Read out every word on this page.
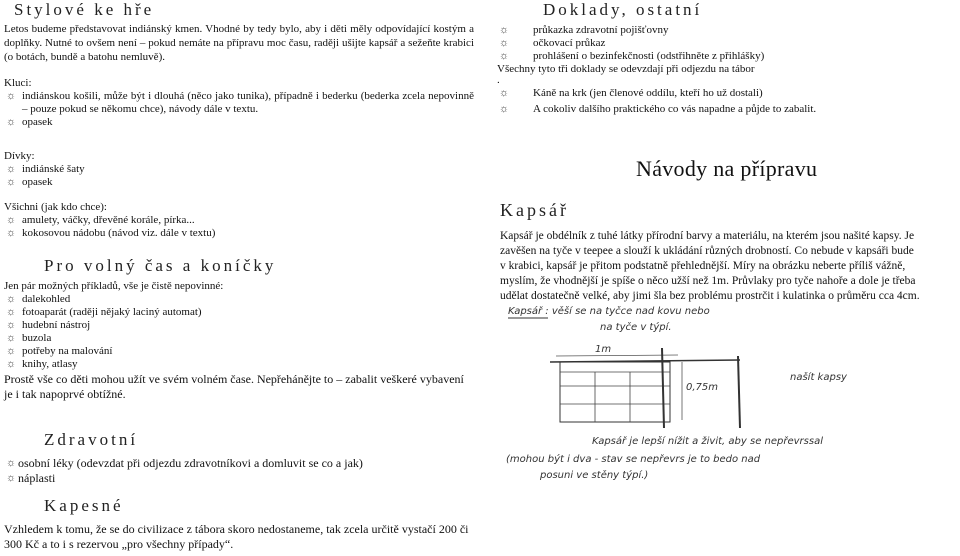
Stylové ke hře
Letos budeme představovat indiánský kmen. Vhodné by tedy bylo, aby i děti měly odpovídající kostým a doplňky. Nutné to ovšem není – pokud nemáte na přípravu moc času, raději ušijte kapsář a sežeňte krabici (o botách, bundě a batohu nemluvě).
Kluci:
☼ indiánskou košili, může být i dlouhá (něco jako tunika), případně i bederku (bederka zcela nepovinně – pouze pokud se někomu chce), návody dále v textu.
☼ opasek
Dívky:
☼ indiánské šaty
☼ opasek
Všichni (jak kdo chce):
☼ amulety, váčky, dřevěné korále, pírka...
☼ kokosovou nádobu (návod viz. dále v textu)
Pro volný čas a koníčky
Jen pár možných příkladů, vše je čistě nepovinné:
☼ dalekohled
☼ fotoaparát (raději nějaký laciný automat)
☼ hudební nástroj
☼ buzola
☼ potřeby na malování
☼ knihy, atlasy
Prostě vše co děti mohou užít ve svém volném čase. Nepřehánějte to – zabalit veškeré vybavení je i tak napoprvé obtížné.
Zdravotní
☼ osobní léky (odevzdat při odjezdu zdravotníkovi a domluvit se co a jak)
☼ náplasti
Kapesné
Vzhledem k tomu, že se do civilizace z tábora skoro nedostaneme, tak zcela určitě vystačí 200 či 300 Kč a to i s rezervou „pro všechny případy“.
Doklady, ostatní
☼ průkazka zdravotní pojišťovny
☼ očkovací průkaz
☼ prohlášení o bezinfekčnosti (odstřihněte z přihlášky)
Všechny tyto tři doklady se odevzdají při odjezdu na tábor
.
☼ Káně na krk (jen členové oddílu, kteří ho už dostali)
☼ A cokoliv dalšího praktického co vás napadne a půjde to zabalit.
Návody na přípravu
Kapsář

Kapsář je obdélník z tuhé látky přírodní barvy a materiálu, na kterém jsou našité kapsy. Je

zavěšen na tyče v teepee a slouží k ukládání různých drobností. Co nebude v kapsáři bude

v krabici, kapsář je přitom podstatně přehlednější. Míry na obrázku neberte příliš vážně,

myslím, že vhodnější je spíše o něco užší než 1m. Průvlaky pro tyče nahoře a dole je třeba

udělat dostatečně velké, aby jimi šla bez problému prostrčit i kulatinka o průměru cca 4cm.

Kapsář : věší se na tyčce nad kovu nebo
na tyče v týpí.
1m
0,75m
našít kapsy
Kapsář je lepší nížit a živit, aby se nepřevrssal
(mohou být i dva - stav se nepřevrs je to bedo nad
posuni ve stěny týpí.)
